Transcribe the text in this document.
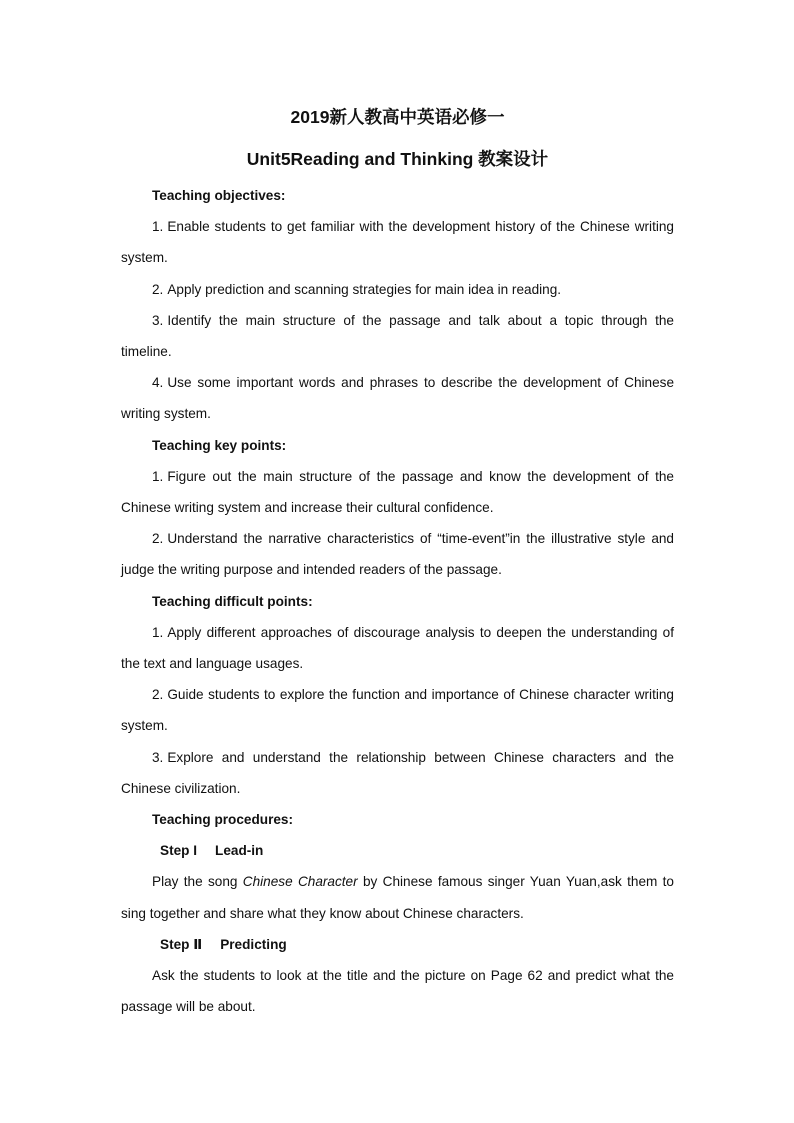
2019新人教高中英语必修一

Unit5Reading and Thinking 教案设计

Teaching objectives:

1. Enable students to get familiar with the development history of the Chinese writing system.

2. Apply prediction and scanning strategies for main idea in reading.

3. Identify the main structure of the passage and talk about a topic through the timeline.

4. Use some important words and phrases to describe the development of Chinese writing system.

Teaching key points:

1. Figure out the main structure of the passage and know the development of the Chinese writing system and increase their cultural confidence.

2. Understand the narrative characteristics of “time-event”in the illustrative style and judge the writing purpose and intended readers of the passage.

Teaching difficult points:

1. Apply different approaches of discourage analysis to deepen the understanding of the text and language usages.

2. Guide students to explore the function and importance of Chinese character writing system.

3. Explore and understand the relationship between Chinese characters and the Chinese civilization.

Teaching procedures:

Step I Lead-in

Play the song Chinese Character by Chinese famous singer Yuan Yuan,ask them to sing together and share what they know about Chinese characters.

Step Ⅱ Predicting

Ask the students to look at the title and the picture on Page 62 and predict what the passage will be about.
